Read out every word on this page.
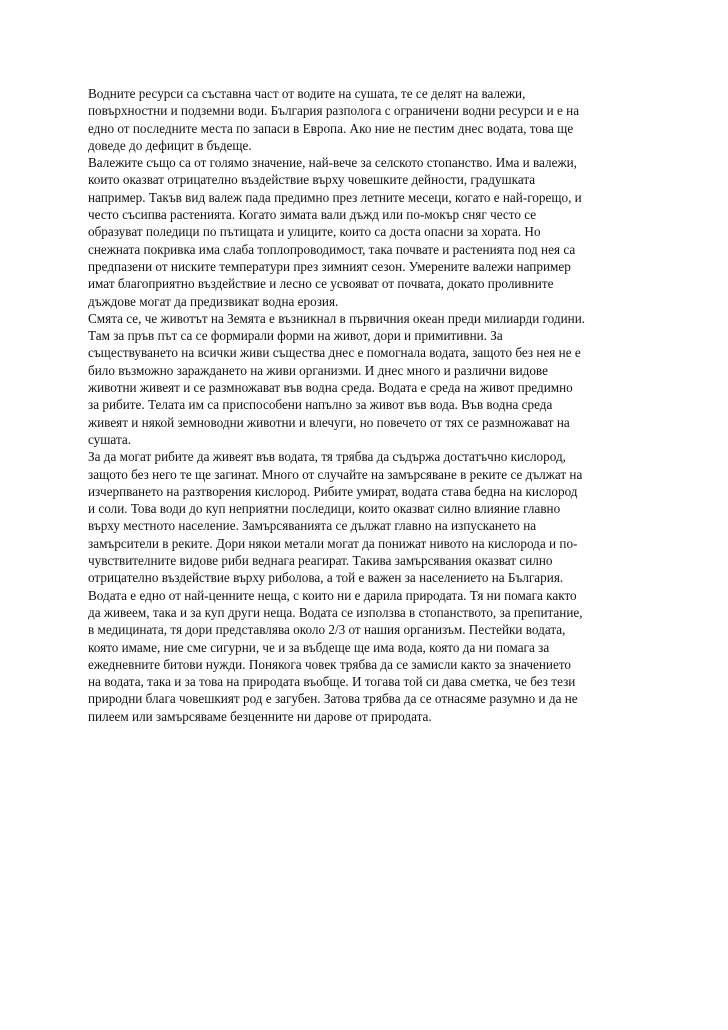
Водните ресурси са съставна част от водите на сушата, те се делят на валежи,
повърхностни и подземни води. България разпологa с ограничени водни ресурси и е на
едно от последните места по запаси в Европа. Ако ние не пестим днес водата, това ще
доведе до дефицит в бъдеще.
Валежите също са от голямо значение, най-вече за селското стопанство. Има и валежи,
които оказват отрицателно въздействие върху човешките дейности, градушката
например. Такъв вид валеж пада предимно през летните месеци, когато е най-горещо, и
често съсипва растенията. Когато зимата вали дъжд или по-мокър сняг често се
образуват поледици по пътищата и улиците, които са доста опасни за хората. Но
снежната покривка има слаба топлопроводимост, така почвате и растенията под нея са
предпазени от ниските температури през зимният сезон. Умерените валежи например
имат благоприятно въздействие и лесно се усвояват от почвата, докато проливните
дъждове могат да предизвикат водна ерозия.
Смята се, че животът на Земята е възникнал в първичния океан преди милиарди години.
Там за пръв път са се формирали форми на живот, дори и примитивни. За
съществуването на всички живи същества днес е помогнала водата, защото без нея не е
било възможно зараждането на живи организми. И днес много и различни видове
животни живеят и се размножават във водна среда. Водата е среда на живот предимно
за рибите. Телата им са приспособени напълно за живот във вода. Във водна среда
живеят и някой земноводни животни и влечуги, но повечето от тях се размножават на
сушата.
За да могат рибите да живеят във водата, тя трябва да съдържа достатъчно кислород,
защото без него те ще загинат. Много от случайте на замърсяване в реките се дължат на
изчерпването на разтворения кислород. Рибите умират, водата става бедна на кислород
и соли. Това води до куп неприятни последици, които оказват силно влияние главно
върху местното население. Замърсяванията се дължат главно на изпускането на
замърсители в реките. Дори някои метали могат да понижат нивото на кислорода и по-
чувствителните видове риби веднага реагират. Такива замърсявания оказват силно
отрицателно въздействие върху риболова, а той е важен за населението на България.
Водата е едно от най-ценните неща, с които ни е дарила природата. Тя ни помага както
да живеем, така и за куп други неща. Водата се използва в стопанството, за препитание,
в медицината, тя дори представлява около 2/3 от нашия организъм. Пестейки водата,
която имаме, ние сме сигурни, че и за въбдеще ще има вода, която да ни помага за
ежедневните битови нужди. Понякога човек трябва да се замисли както за значението
на водата, така и за това на природата въобще. И тогава той си дава сметка, че без тези
природни блага човешкият род е загубен. Затова трябва да се отнасяме разумно и да не
пилеем или замърсяваме безценните ни дарове от природата.
